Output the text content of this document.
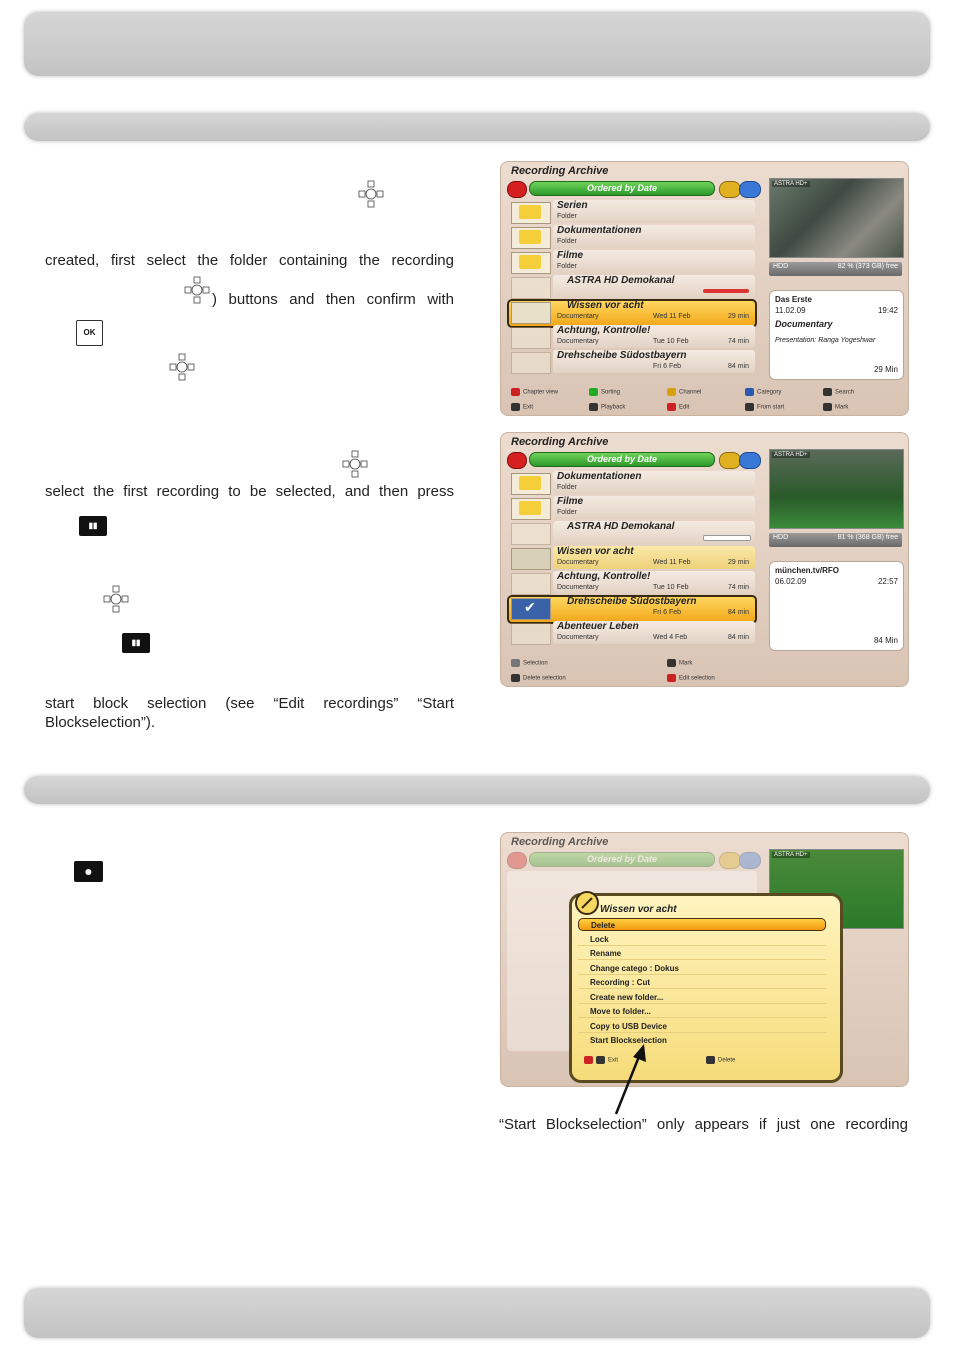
created, first select the folder containing the recording
) buttons and then confirm with
OK
select the first recording to be selected, and then press
▮▮
▮▮
start block selection (see “Edit recordings” “Start
Blockselection”).
●
Recording Archive
Ordered by Date
Serien
Folder
Dokumentationen
Folder
Filme
Folder
ASTRA HD Demokanal
Wissen vor acht
Documentary	Wed 11 Feb	29 min
Achtung, Kontrolle!
Documentary	Tue 10 Feb	74 min
Drehscheibe Südostbayern
Fri 6 Feb	84 min
ASTRA HD+
HDD	82 % (373 GB) free
Das Erste
11.02.09	19:42
Documentary
Presentation: Ranga Yogeshwar
29 Min
Chapter view	Sorting	Channel	Category	Search
Exit	Playback	Edit	From start	Mark
Recording Archive
Ordered by Date
Dokumentationen
Folder
Filme
Folder
ASTRA HD Demokanal
Wissen vor acht
Documentary	Wed 11 Feb	29 min
Achtung, Kontrolle!
Documentary	Tue 10 Feb	74 min
✔	Drehscheibe Südostbayern
Fri 6 Feb	84 min
Abenteuer Leben
Documentary	Wed 4 Feb	84 min
ASTRA HD+
HDD	81 % (368 GB) free
münchen.tv/RFO
06.02.09	22:57
84 Min
Selection	Mark
Delete selection	Edit selection
Recording Archive
Ordered by Date	ASTRA HD+
Wissen vor acht
Delete
Lock
Rename
Change catego : Dokus
Recording : Cut
Create new folder...
Move to folder...
Copy to USB Device
Start Blockselection
Exit	Delete
“Start Blockselection” only appears if just one recording
